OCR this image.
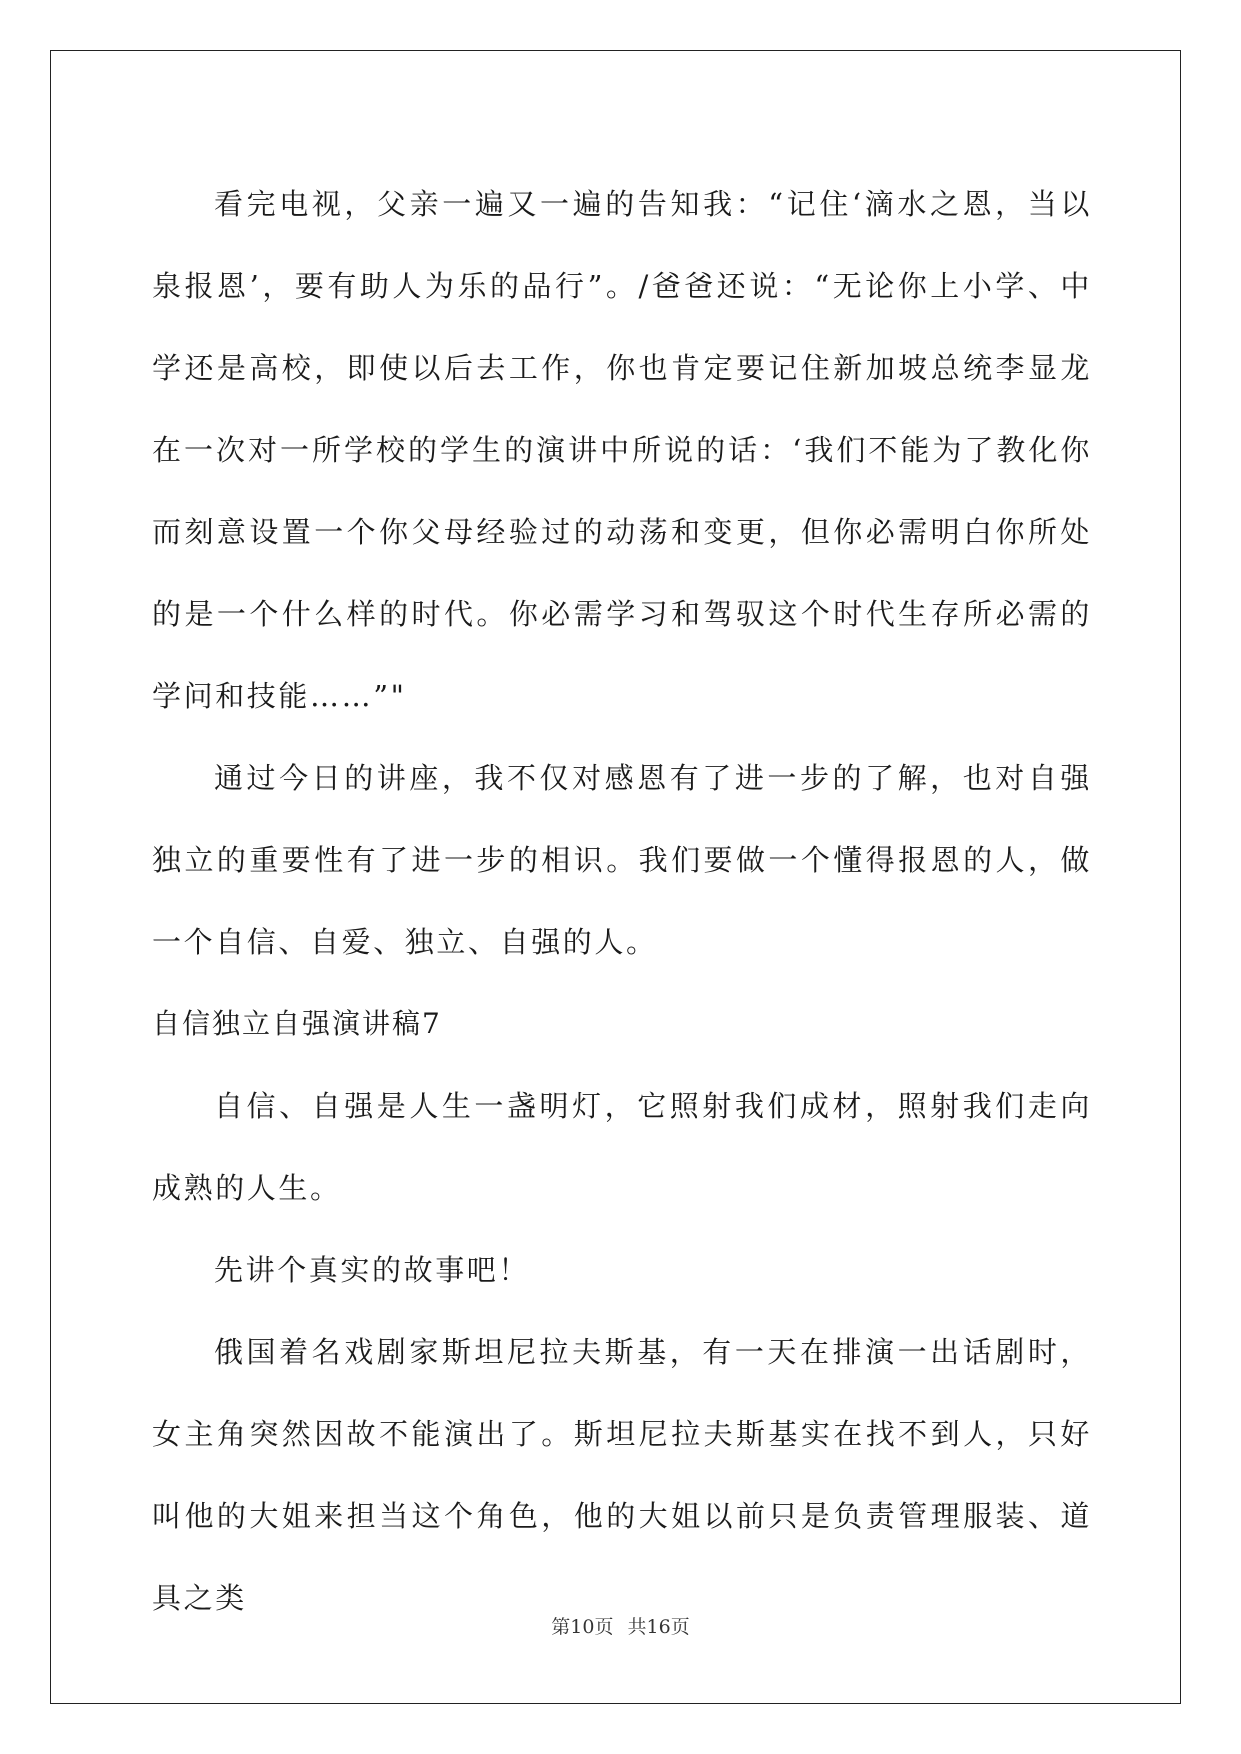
看完电视，父亲一遍又一遍的告知我：“记住‘滴水之恩，当以泉报恩’，要有助人为乐的品行”。/爸爸还说：“无论你上小学、中学还是高校，即使以后去工作，你也肯定要记住新加坡总统李显龙在一次对一所学校的学生的演讲中所说的话：‘我们不能为了教化你而刻意设置一个你父母经验过的动荡和变更，但你必需明白你所处的是一个什么样的时代。你必需学习和驾驭这个时代生存所必需的学问和技能……”"

通过今日的讲座，我不仅对感恩有了进一步的了解，也对自强独立的重要性有了进一步的相识。我们要做一个懂得报恩的人，做一个自信、自爱、独立、自强的人。

自信独立自强演讲稿7

自信、自强是人生一盏明灯，它照射我们成材，照射我们走向成熟的人生。

先讲个真实的故事吧！

俄国着名戏剧家斯坦尼拉夫斯基，有一天在排演一出话剧时，女主角突然因故不能演出了。斯坦尼拉夫斯基实在找不到人，只好叫他的大姐来担当这个角色，他的大姐以前只是负责管理服装、道具之类

第10页 共16页
